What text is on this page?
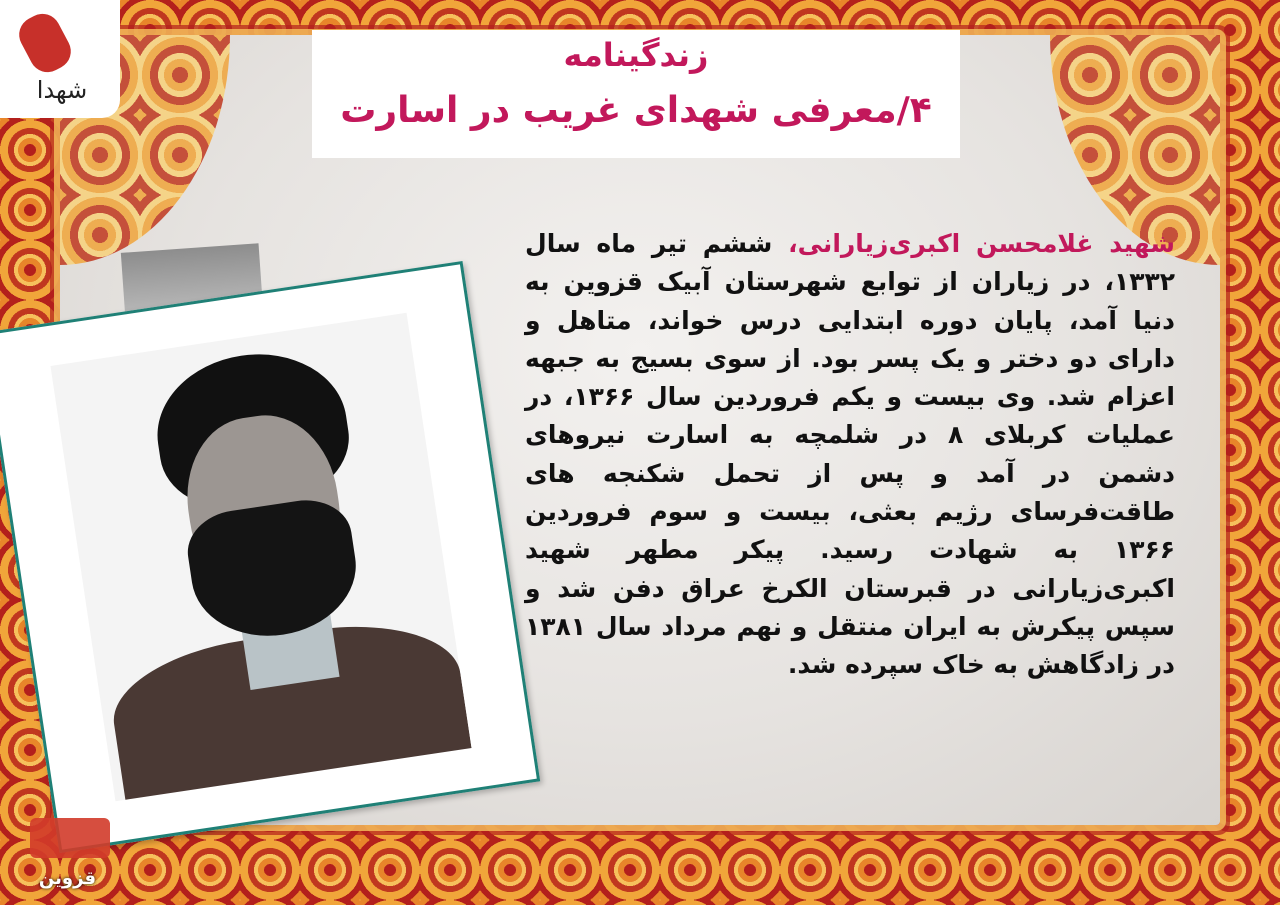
شهدا
زندگینامه
۴/معرفی شهدای غریب در اسارت
شهید غلامحسن اکبری‌زیارانی، ششم تیر ماه سال ۱۳۳۲، در زیاران از توابع شهرستان آبیک قزوین به دنیا آمد، پایان دوره ابتدایی درس خواند، متاهل و دارای دو دختر و یک پسر بود. از سوی بسیج به جبهه اعزام شد. وی بیست و یکم فروردین سال ۱۳۶۶، در عملیات کربلای ۸ در شلمچه به اسارت نیروهای دشمن در آمد و پس از تحمل شکنجه های طاقت‌فرسای رژیم بعثی، بیست و سوم فروردین ۱۳۶۶ به شهادت رسید. پیکر مطهر شهید اکبری‌زیارانی در قبرستان الکرخ عراق دفن شد و سپس پیکرش به ایران منتقل و نهم مرداد سال ۱۳۸۱ در زادگاهش به خاک سپرده شد.
قزوین
